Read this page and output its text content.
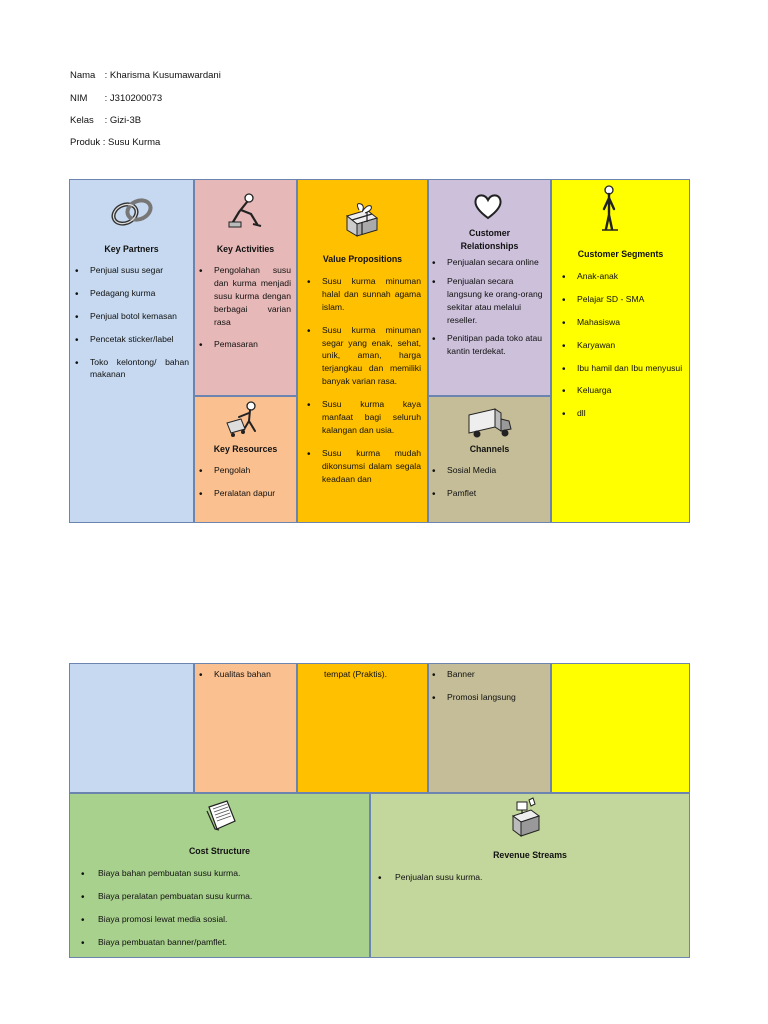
Nama : Kharisma Kusumawardani
NIM : J310200073
Kelas : Gizi-3B
Produk : Susu Kurma
Key Partners
• Penjual susu segar
• Pedagang kurma
• Penjual botol kemasan
• Pencetak sticker/label
• Toko kelontong/ bahan makanan
Key Activities
• Pengolahan susu dan kurma menjadi susu kurma dengan berbagai varian rasa
• Pemasaran
Key Resources
• Pengolah
• Peralatan dapur
Value Propositions
• Susu kurma minuman halal dan sunnah agama islam.
• Susu kurma minuman segar yang enak, sehat, unik, aman, harga terjangkau dan memiliki banyak varian rasa.
• Susu kurma kaya manfaat bagi seluruh kalangan dan usia.
• Susu kurma mudah dikonsumsi dalam segala keadaan dan
Customer Relationships
• Penjualan secara online
• Penjualan secara langsung ke orang-orang sekitar atau melalui reseller.
• Penitipan pada toko atau kantin terdekat.
Channels
• Sosial Media
• Pamflet
Customer Segments
• Anak-anak
• Pelajar SD - SMA
• Mahasiswa
• Karyawan
• Ibu hamil dan Ibu menyusui
• Keluarga
• dll
• Kualitas bahan	tempat (Praktis).
•	Banner
• Promosi langsung
Cost Structure
• Biaya bahan pembuatan susu kurma.
• Biaya peralatan pembuatan susu kurma.
• Biaya promosi lewat media sosial.
• Biaya pembuatan banner/pamflet.
Revenue Streams
• Penjualan susu kurma.
